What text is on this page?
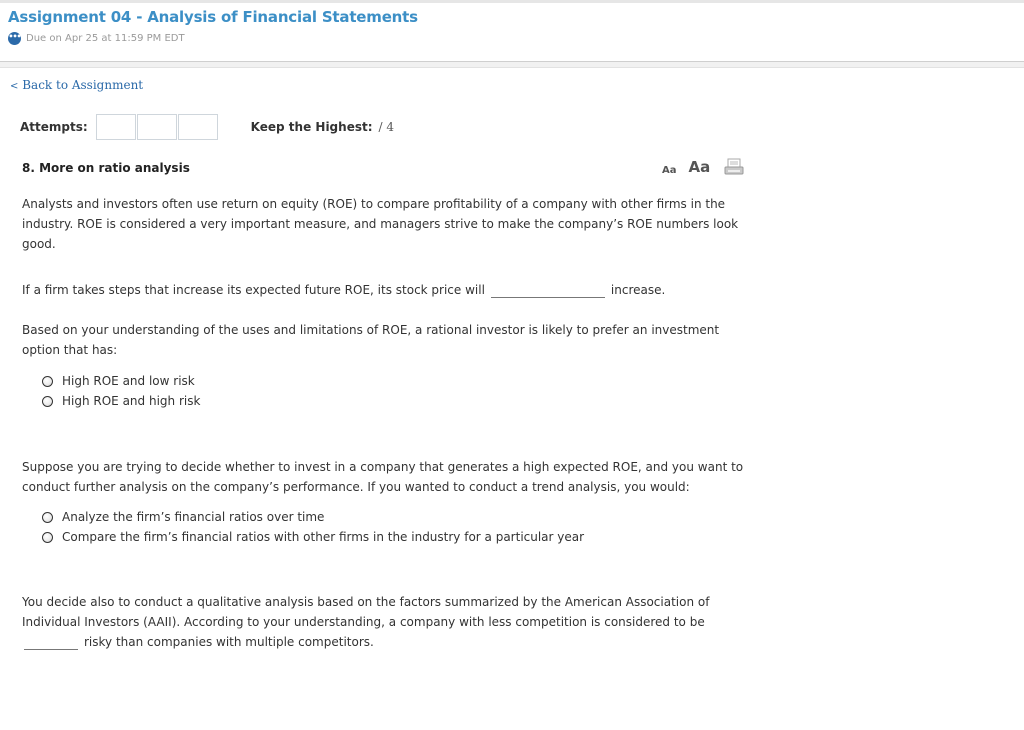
Assignment 04 - Analysis of Financial Statements
••• Due on Apr 25 at 11:59 PM EDT
< Back to Assignment
Attempts:	Keep the Highest: / 4
8. More on ratio analysis	Aa Aa
Analysts and investors often use return on equity (ROE) to compare profitability of a company with other firms in the industry. ROE is considered a very important measure, and managers strive to make the company’s ROE numbers look good.
If a firm takes steps that increase its expected future ROE, its stock price will	increase.
Based on your understanding of the uses and limitations of ROE, a rational investor is likely to prefer an investment option that has:
High ROE and low risk
High ROE and high risk
Suppose you are trying to decide whether to invest in a company that generates a high expected ROE, and you want to conduct further analysis on the company’s performance. If you wanted to conduct a trend analysis, you would:
Analyze the firm’s financial ratios over time
Compare the firm’s financial ratios with other firms in the industry for a particular year
You decide also to conduct a qualitative analysis based on the factors summarized by the American Association of Individual Investors (AAII). According to your understanding, a company with less competition is considered to be risky than companies with multiple competitors.
